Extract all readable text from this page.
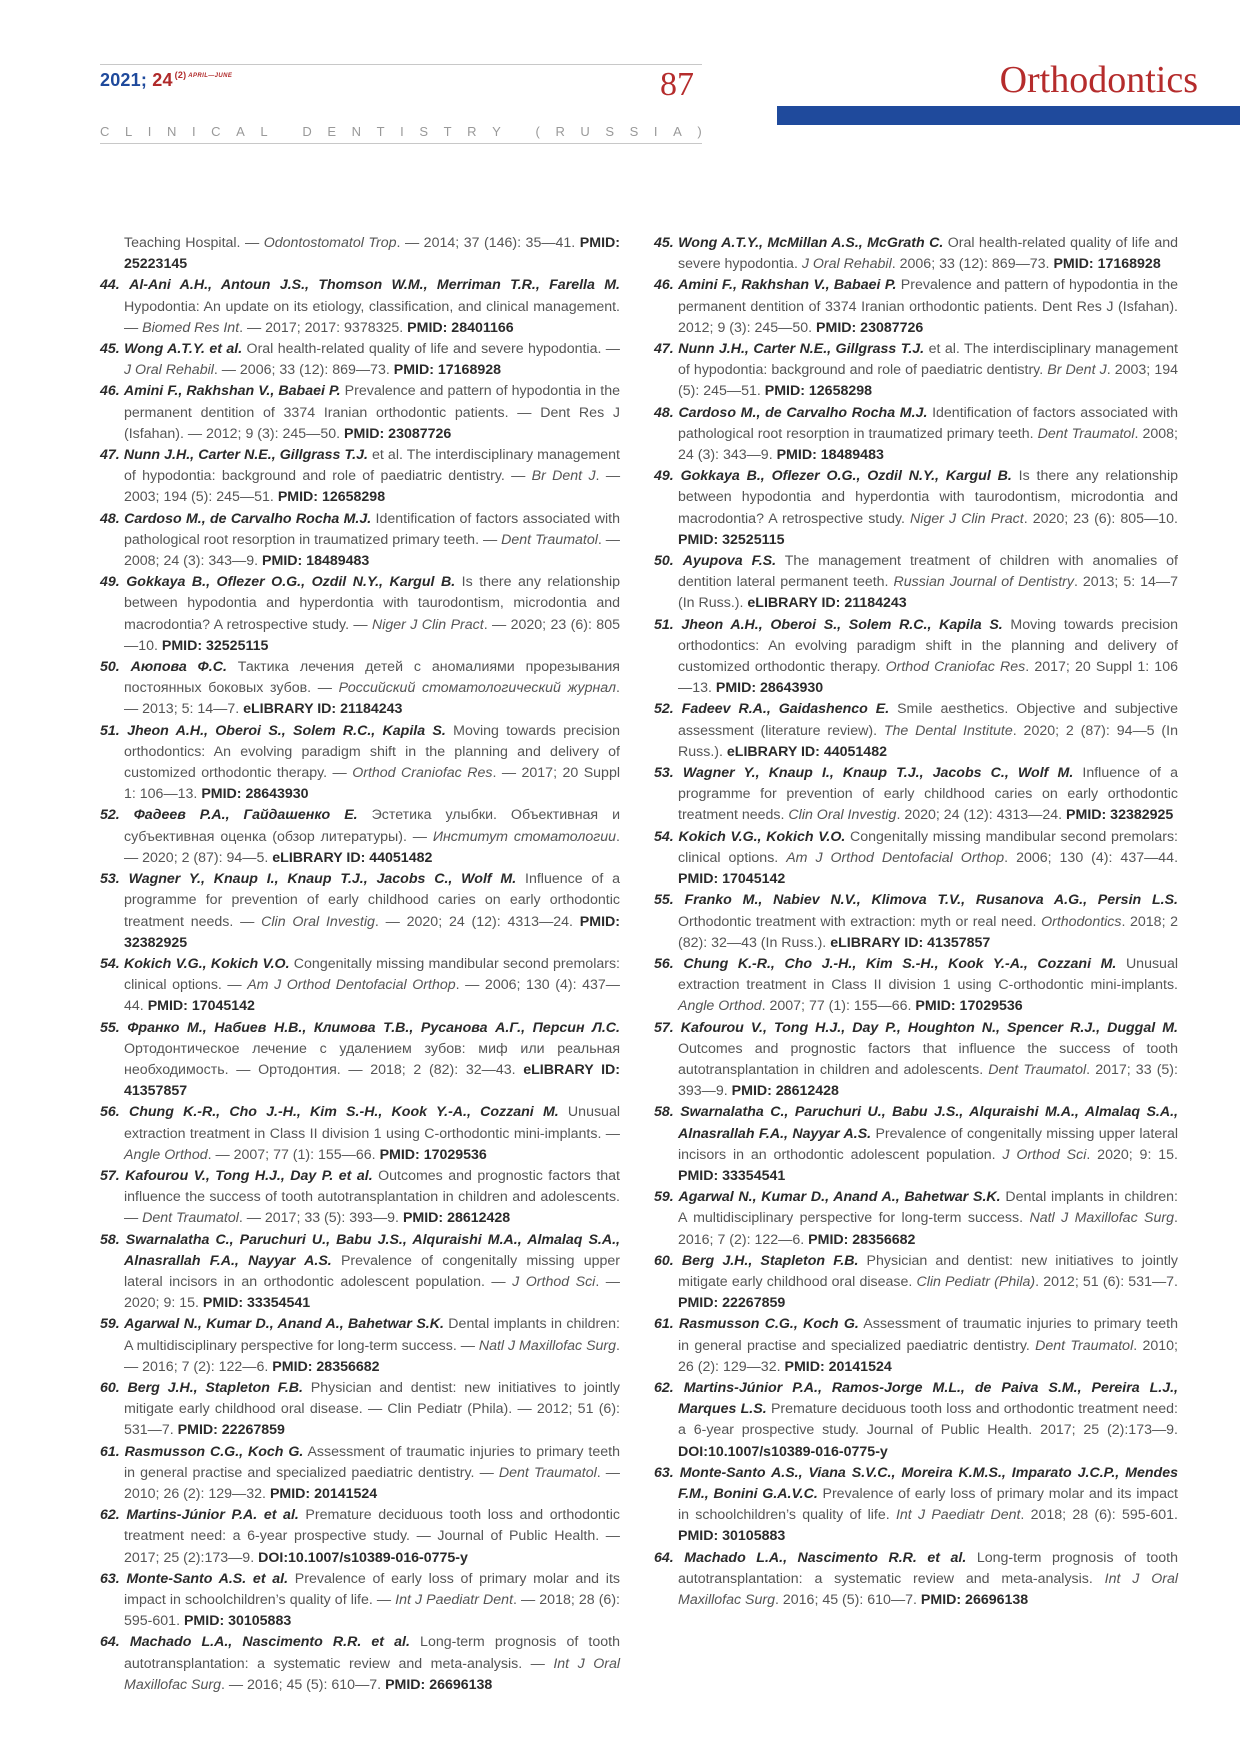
2021; 24 $^{(2)}$ $^{APRIL—JUNE}$	87
C L I N I C A L
	D E N T I S T R Y
	( R U S S I A )
Orthodontics

Teaching Hospital. — Odontostomatol Trop. — 2014; 37 (146): 35—41. PMID: 25223145

44. Al-Ani A.H., Antoun J.S., Thomson W.M., Merriman T.R., Farella M. Hypodontia: An update on its etiology, classification, and clinical management. — Biomed Res Int. — 2017; 2017: 9378325. PMID: 28401166

45. Wong A.T.Y. et al. Oral health-related quality of life and severe hypodontia. — J Oral Rehabil. — 2006; 33 (12): 869—73. PMID: 17168928

46. Amini F., Rakhshan V., Babaei P. Prevalence and pattern of hypodontia in the permanent dentition of 3374 Iranian orthodontic patients. — Dent Res J (Isfahan). — 2012; 9 (3): 245—50. PMID: 23087726

47. Nunn J.H., Carter N.E., Gillgrass T.J. et al. The interdisciplinary management of hypodontia: background and role of paediatric dentistry. — Br Dent J. — 2003; 194 (5): 245—51. PMID: 12658298

48. Cardoso M., de Carvalho Rocha M.J. Identification of factors associated with pathological root resorption in traumatized primary teeth. — Dent Traumatol. — 2008; 24 (3): 343—9. PMID: 18489483

49. Gokkaya B., Oflezer O.G., Ozdil N.Y., Kargul B. Is there any relationship between hypodontia and hyperdontia with taurodontism, microdontia and macrodontia? A retrospective study. — Niger J Clin Pract. — 2020; 23 (6): 805—10. PMID: 32525115

50. Аюпова Ф.С. Тактика лечения детей с аномалиями прорезывания постоянных боковых зубов. — Российский стоматологический журнал. — 2013; 5: 14—7. eLIBRARY ID: 21184243

51. Jheon A.H., Oberoi S., Solem R.C., Kapila S. Moving towards precision orthodontics: An evolving paradigm shift in the planning and delivery of customized orthodontic therapy. — Orthod Craniofac Res. — 2017; 20 Suppl 1: 106—13. PMID: 28643930

52. Фадеев Р.А., Гайдашенко Е. Эстетика улыбки. Объективная и субъективная оценка (обзор литературы). — Институт стоматологии. — 2020; 2 (87): 94—5. eLIBRARY ID: 44051482

53. Wagner Y., Knaup I., Knaup T.J., Jacobs C., Wolf M. Influence of a programme for prevention of early childhood caries on early orthodontic treatment needs. — Clin Oral Investig. — 2020; 24 (12): 4313—24. PMID: 32382925

54. Kokich V.G., Kokich V.O. Congenitally missing mandibular second premolars: clinical options. — Am J Orthod Dentofacial Orthop. — 2006; 130 (4): 437—44. PMID: 17045142

55. Франко М., Набиев Н.В., Климова Т.В., Русанова А.Г., Персин Л.С. Ортодонтическое лечение с удалением зубов: миф или реальная необходимость. — Ортодонтия. — 2018; 2 (82): 32—43. eLIBRARY ID: 41357857

56. Chung K.-R., Cho J.-H., Kim S.-H., Kook Y.-A., Cozzani M. Unusual extraction treatment in Class II division 1 using C-orthodontic mini-implants. — Angle Orthod. — 2007; 77 (1): 155—66. PMID: 17029536

57. Kafourou V., Tong H.J., Day P. et al. Outcomes and prognostic factors that influence the success of tooth autotransplantation in children and adolescents. — Dent Traumatol. — 2017; 33 (5): 393—9. PMID: 28612428

58. Swarnalatha C., Paruchuri U., Babu J.S., Alquraishi M.A., Almalaq S.A., Alnasrallah F.A., Nayyar A.S. Prevalence of congenitally missing upper lateral incisors in an orthodontic adolescent population. — J Orthod Sci. — 2020; 9: 15. PMID: 33354541

59. Agarwal N., Kumar D., Anand A., Bahetwar S.K. Dental implants in children: A multidisciplinary perspective for long-term success. — Natl J Maxillofac Surg. — 2016; 7 (2): 122—6. PMID: 28356682

60. Berg J.H., Stapleton F.B. Physician and dentist: new initiatives to jointly mitigate early childhood oral disease. — Clin Pediatr (Phila). — 2012; 51 (6): 531—7. PMID: 22267859

61. Rasmusson C.G., Koch G. Assessment of traumatic injuries to primary teeth in general practise and specialized paediatric dentistry. — Dent Traumatol. — 2010; 26 (2): 129—32. PMID: 20141524

62. Martins-Júnior P.A. et al. Premature deciduous tooth loss and orthodontic treatment need: a 6-year prospective study. — Journal of Public Health. — 2017; 25 (2):173—9. DOI:10.1007/s10389-016-0775-y

63. Monte-Santo A.S. et al. Prevalence of early loss of primary molar and its impact in schoolchildren’s quality of life. — Int J Paediatr Dent. — 2018; 28 (6): 595-601. PMID: 30105883

64. Machado L.A., Nascimento R.R. et al. Long-term prognosis of tooth autotransplantation: a systematic review and meta-analysis. — Int J Oral Maxillofac Surg. — 2016; 45 (5): 610—7. PMID: 26696138

45. Wong A.T.Y., McMillan A.S., McGrath C. Oral health-related quality of life and severe hypodontia. J Oral Rehabil. 2006; 33 (12): 869—73. PMID: 17168928

46. Amini F., Rakhshan V., Babaei P. Prevalence and pattern of hypodontia in the permanent dentition of 3374 Iranian orthodontic patients. Dent Res J (Isfahan). 2012; 9 (3): 245—50. PMID: 23087726

47. Nunn J.H., Carter N.E., Gillgrass T.J. et al. The interdisciplinary management of hypodontia: background and role of paediatric dentistry. Br Dent J. 2003; 194 (5): 245—51. PMID: 12658298

48. Cardoso M., de Carvalho Rocha M.J. Identification of factors associated with pathological root resorption in traumatized primary teeth. Dent Traumatol. 2008; 24 (3): 343—9. PMID: 18489483

49. Gokkaya B., Oflezer O.G., Ozdil N.Y., Kargul B. Is there any relationship between hypodontia and hyperdontia with taurodontism, microdontia and macrodontia? A retrospective study. Niger J Clin Pract. 2020; 23 (6): 805—10. PMID: 32525115

50. Ayupova F.S. The management treatment of children with anomalies of dentition lateral permanent teeth. Russian Journal of Dentistry. 2013; 5: 14—7 (In Russ.). eLIBRARY ID: 21184243

51. Jheon A.H., Oberoi S., Solem R.C., Kapila S. Moving towards precision orthodontics: An evolving paradigm shift in the planning and delivery of customized orthodontic therapy. Orthod Craniofac Res. 2017; 20 Suppl 1: 106—13. PMID: 28643930

52. Fadeev R.A., Gaidashenco E. Smile aesthetics. Objective and subjective assessment (literature review). The Dental Institute. 2020; 2 (87): 94—5 (In Russ.). eLIBRARY ID: 44051482

53. Wagner Y., Knaup I., Knaup T.J., Jacobs C., Wolf M. Influence of a programme for prevention of early childhood caries on early orthodontic treatment needs. Clin Oral Investig. 2020; 24 (12): 4313—24. PMID: 32382925

54. Kokich V.G., Kokich V.O. Congenitally missing mandibular second premolars: clinical options. Am J Orthod Dentofacial Orthop. 2006; 130 (4): 437—44. PMID: 17045142

55. Franko M., Nabiev N.V., Klimova T.V., Rusanova A.G., Persin L.S. Orthodontic treatment with extraction: myth or real need. Orthodontics. 2018; 2 (82): 32—43 (In Russ.). eLIBRARY ID: 41357857

56. Chung K.-R., Cho J.-H., Kim S.-H., Kook Y.-A., Cozzani M. Unusual extraction treatment in Class II division 1 using C-orthodontic mini-implants. Angle Orthod. 2007; 77 (1): 155—66. PMID: 17029536

57. Kafourou V., Tong H.J., Day P., Houghton N., Spencer R.J., Duggal M. Outcomes and prognostic factors that influence the success of tooth autotransplantation in children and adolescents. Dent Traumatol. 2017; 33 (5): 393—9. PMID: 28612428

58. Swarnalatha C., Paruchuri U., Babu J.S., Alquraishi M.A., Almalaq S.A., Alnasrallah F.A., Nayyar A.S. Prevalence of congenitally missing upper lateral incisors in an orthodontic adolescent population. J Orthod Sci. 2020; 9: 15. PMID: 33354541

59. Agarwal N., Kumar D., Anand A., Bahetwar S.K. Dental implants in children: A multidisciplinary perspective for long-term success. Natl J Maxillofac Surg. 2016; 7 (2): 122—6. PMID: 28356682

60. Berg J.H., Stapleton F.B. Physician and dentist: new initiatives to jointly mitigate early childhood oral disease. Clin Pediatr (Phila). 2012; 51 (6): 531—7. PMID: 22267859

61. Rasmusson C.G., Koch G. Assessment of traumatic injuries to primary teeth in general practise and specialized paediatric dentistry. Dent Traumatol. 2010; 26 (2): 129—32. PMID: 20141524

62. Martins-Júnior P.A., Ramos-Jorge M.L., de Paiva S.M., Pereira L.J., Marques L.S. Premature deciduous tooth loss and orthodontic treatment need: a 6-year prospective study. Journal of Public Health. 2017; 25 (2):173—9. DOI:10.1007/s10389-016-0775-y

63. Monte-Santo A.S., Viana S.V.C., Moreira K.M.S., Imparato J.C.P., Mendes F.M., Bonini G.A.V.C. Prevalence of early loss of primary molar and its impact in schoolchildren’s quality of life. Int J Paediatr Dent. 2018; 28 (6): 595-601. PMID: 30105883

64. Machado L.A., Nascimento R.R. et al. Long-term prognosis of tooth autotransplantation: a systematic review and meta-analysis. Int J Oral Maxillofac Surg. 2016; 45 (5): 610—7. PMID: 26696138
